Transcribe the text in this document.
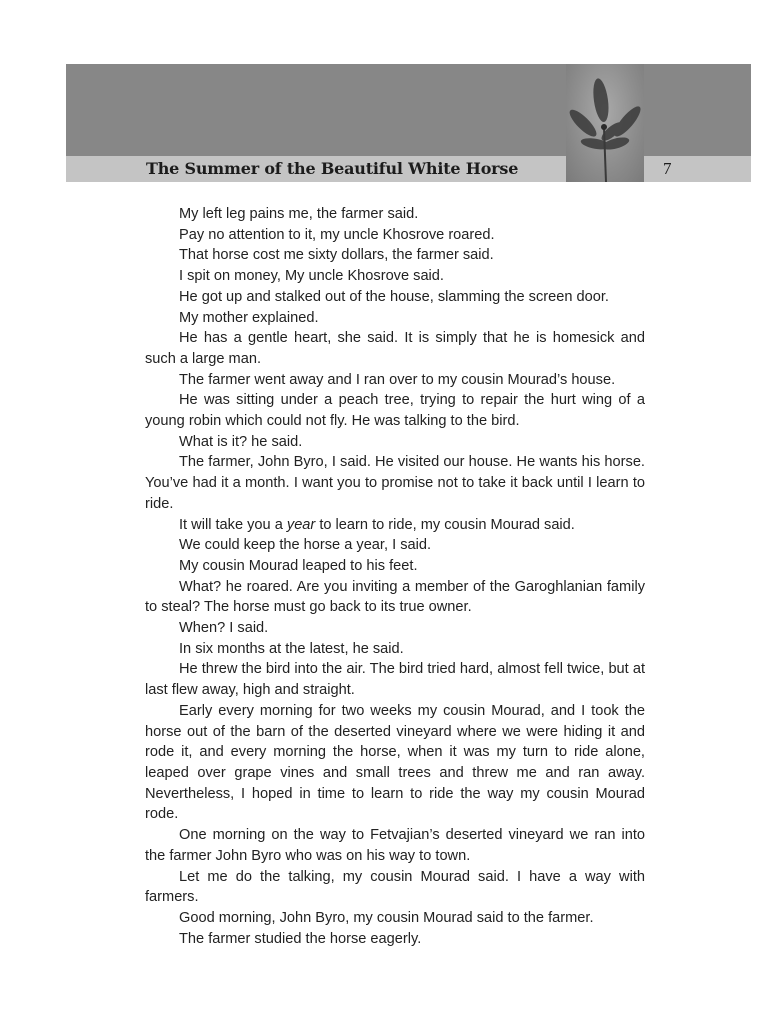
The Summer of the Beautiful White Horse	7

My left leg pains me, the farmer said.

Pay no attention to it, my uncle Khosrove roared.

That horse cost me sixty dollars, the farmer said.

I spit on money, My uncle Khosrove said.

He got up and stalked out of the house, slamming the screen door.

My mother explained.

He has a gentle heart, she said. It is simply that he is homesick and such a large man.

The farmer went away and I ran over to my cousin Mourad’s house.

He was sitting under a peach tree, trying to repair the hurt wing of a young robin which could not fly. He was talking to the bird.

What is it? he said.

The farmer, John Byro, I said. He visited our house. He wants his horse. You’ve had it a month. I want you to promise not to take it back until I learn to ride.

It will take you a year to learn to ride, my cousin Mourad said.

We could keep the horse a year, I said.

My cousin Mourad leaped to his feet.

What? he roared. Are you inviting a member of the Garoghlanian family to steal? The horse must go back to its true owner.

When? I said.

In six months at the latest, he said.

He threw the bird into the air. The bird tried hard, almost fell twice, but at last flew away, high and straight.

Early every morning for two weeks my cousin Mourad, and I took the horse out of the barn of the deserted vineyard where we were hiding it and rode it, and every morning the horse, when it was my turn to ride alone, leaped over grape vines and small trees and threw me and ran away. Nevertheless, I hoped in time to learn to ride the way my cousin Mourad rode.

One morning on the way to Fetvajian’s deserted vineyard we ran into the farmer John Byro who was on his way to town.

Let me do the talking, my cousin Mourad said. I have a way with farmers.

Good morning, John Byro, my cousin Mourad said to the farmer.

The farmer studied the horse eagerly.
